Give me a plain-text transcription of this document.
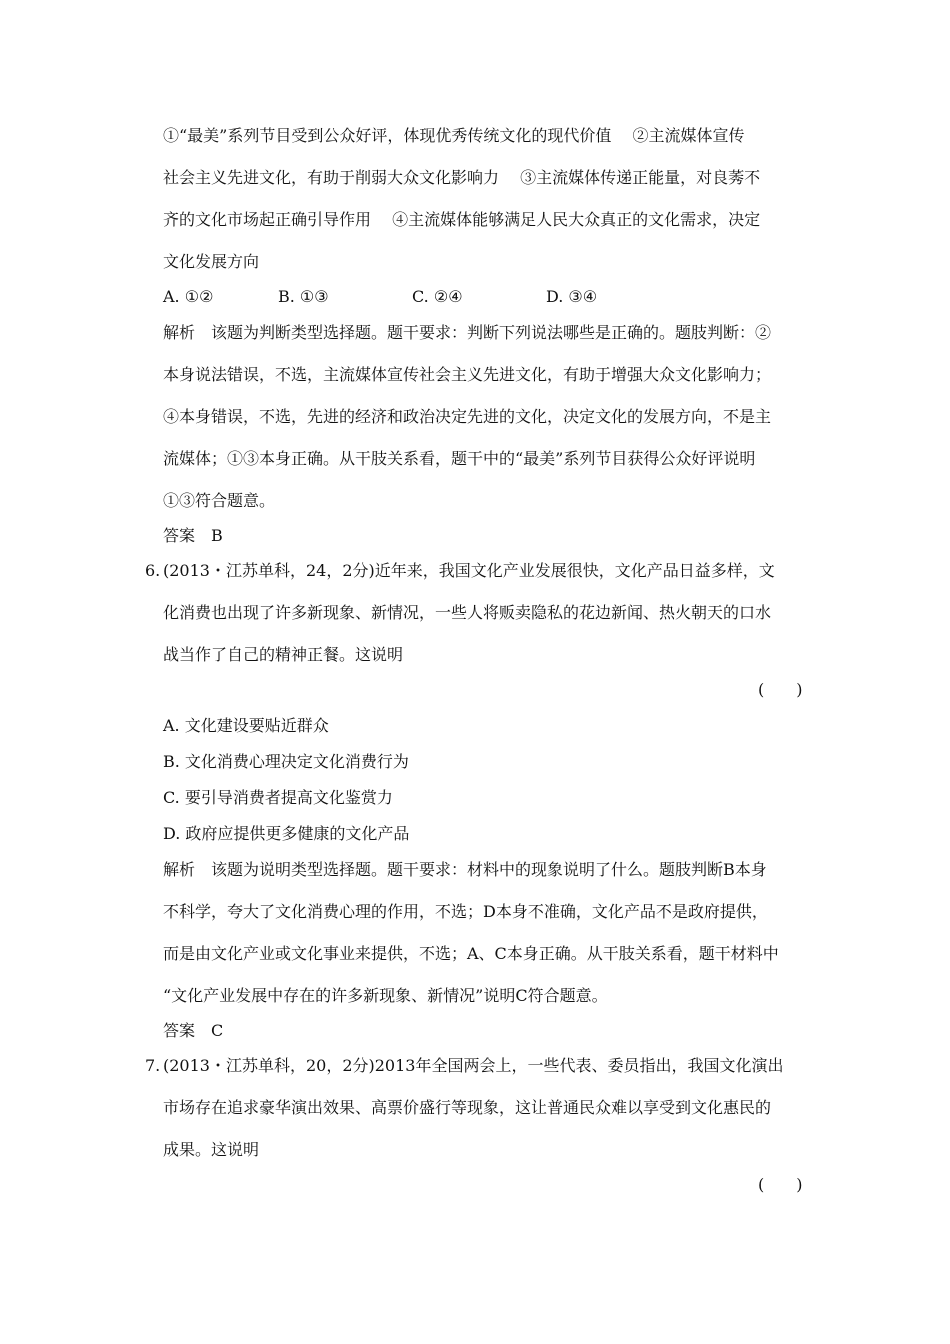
①“最美”系列节目受到公众好评，体现优秀传统文化的现代价值　 ②主流媒体宣传
社会主义先进文化，有助于削弱大众文化影响力　 ③主流媒体传递正能量，对良莠不
齐的文化市场起正确引导作用　 ④主流媒体能够满足人民大众真正的文化需求，决定
文化发展方向
A. ①②	B. ①③	C. ②④	D. ③④
解析　该题为判断类型选择题。题干要求：判断下列说法哪些是正确的。题肢判断：②
本身说法错误，不选，主流媒体宣传社会主义先进文化，有助于增强大众文化影响力；
④本身错误，不选，先进的经济和政治决定先进的文化，决定文化的发展方向，不是主
流媒体；①③本身正确。从干肢关系看，题干中的“最美”系列节目获得公众好评说明
①③符合题意。
答案　B
6. (2013・江苏单科，24，2分)近年来，我国文化产业发展很快，文化产品日益多样，文
化消费也出现了许多新现象、新情况，一些人将贩卖隐私的花边新闻、热火朝天的口水
战当作了自己的精神正餐。这说明
(　　)
A. 文化建设要贴近群众
B. 文化消费心理决定文化消费行为
C. 要引导消费者提高文化鉴赏力
D. 政府应提供更多健康的文化产品
解析　该题为说明类型选择题。题干要求：材料中的现象说明了什么。题肢判断B本身
不科学，夸大了文化消费心理的作用，不选；D本身不准确，文化产品不是政府提供，
而是由文化产业或文化事业来提供，不选；A、C本身正确。从干肢关系看，题干材料中
“文化产业发展中存在的许多新现象、新情况”说明C符合题意。
答案　C
7. (2013・江苏单科，20，2分)2013年全国两会上，一些代表、委员指出，我国文化演出
市场存在追求豪华演出效果、高票价盛行等现象，这让普通民众难以享受到文化惠民的
成果。这说明
(　　)
